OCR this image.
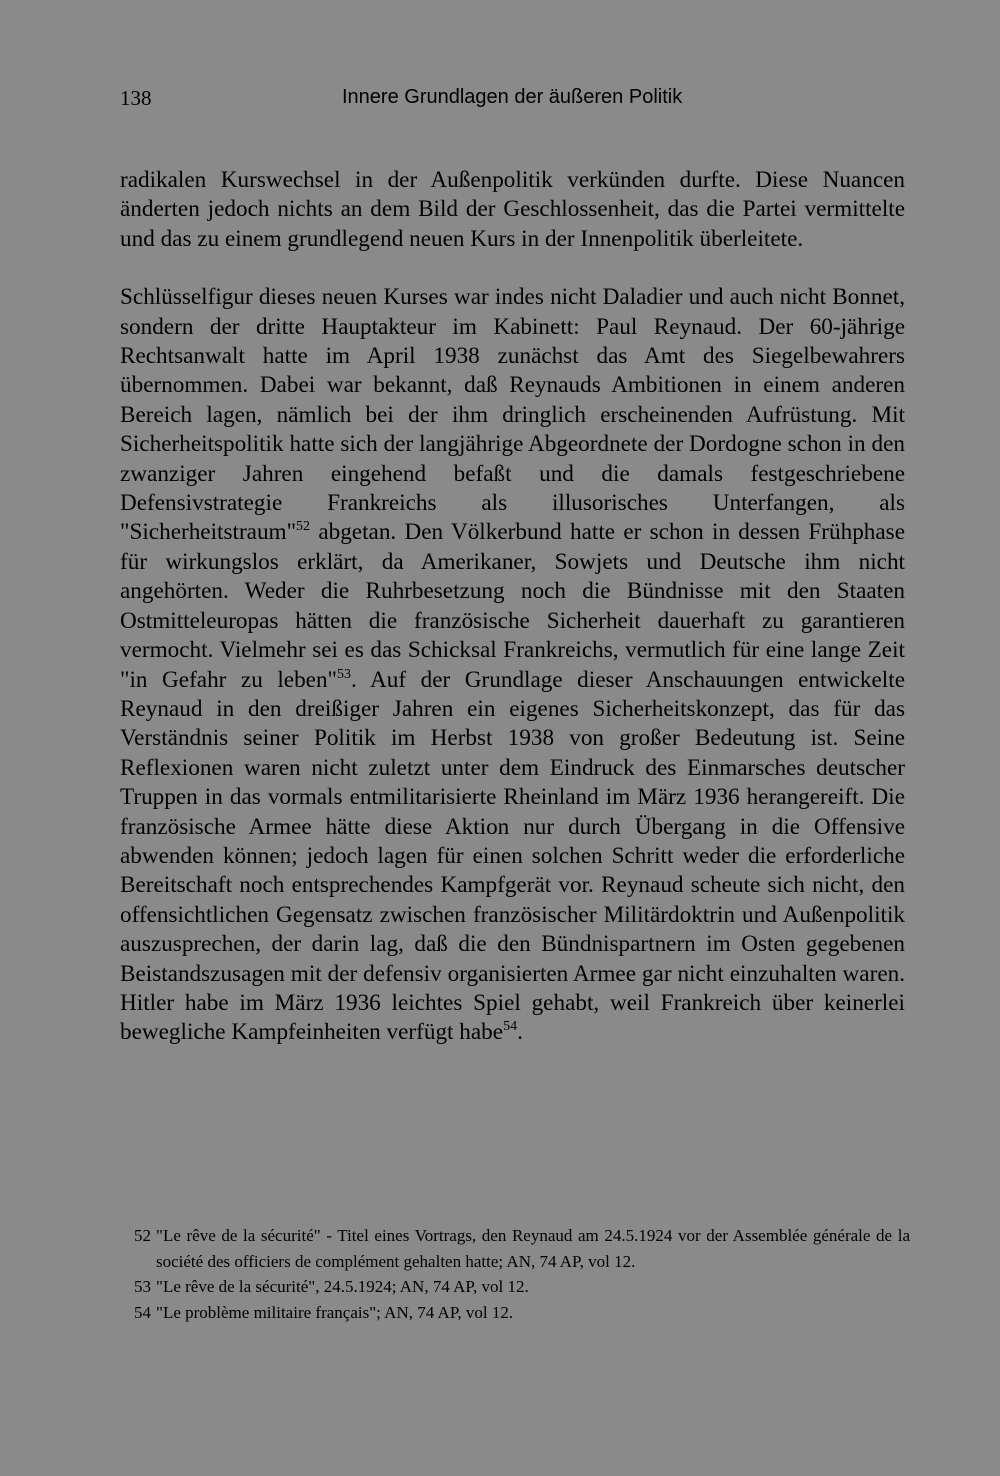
138	Innere Grundlagen der äußeren Politik

radikalen Kurswechsel in der Außenpolitik verkünden durfte. Diese Nuancen änderten jedoch nichts an dem Bild der Geschlossenheit, das die Partei vermittelte und das zu einem grundlegend neuen Kurs in der Innenpolitik überleitete.

Schlüsselfigur dieses neuen Kurses war indes nicht Daladier und auch nicht Bonnet, sondern der dritte Hauptakteur im Kabinett: Paul Reynaud. Der 60-jährige Rechtsanwalt hatte im April 1938 zunächst das Amt des Siegelbewahrers übernommen. Dabei war bekannt, daß Reynauds Ambitionen in einem anderen Bereich lagen, nämlich bei der ihm dringlich erscheinenden Aufrüstung. Mit Sicherheitspolitik hatte sich der langjährige Abgeordnete der Dordogne schon in den zwanziger Jahren eingehend befaßt und die damals festgeschriebene Defensivstrategie Frankreichs als illusorisches Unterfangen, als "Sicherheitstraum"$^{52}$ abgetan. Den Völkerbund hatte er schon in dessen Frühphase für wirkungslos erklärt, da Amerikaner, Sowjets und Deutsche ihm nicht angehörten. Weder die Ruhrbesetzung noch die Bündnisse mit den Staaten Ostmitteleuropas hätten die französische Sicherheit dauerhaft zu garantieren vermocht. Vielmehr sei es das Schicksal Frankreichs, vermutlich für eine lange Zeit "in Gefahr zu leben"$^{53}$. Auf der Grundlage dieser Anschauungen entwickelte Reynaud in den dreißiger Jahren ein eigenes Sicherheitskonzept, das für das Verständnis seiner Politik im Herbst 1938 von großer Bedeutung ist. Seine Reflexionen waren nicht zuletzt unter dem Eindruck des Einmarsches deutscher Truppen in das vormals entmilitarisierte Rheinland im März 1936 herangereift. Die französische Armee hätte diese Aktion nur durch Übergang in die Offensive abwenden können; jedoch lagen für einen solchen Schritt weder die erforderliche Bereitschaft noch entsprechendes Kampfgerät vor. Reynaud scheute sich nicht, den offensichtlichen Gegensatz zwischen französischer Militärdoktrin und Außenpolitik auszusprechen, der darin lag, daß die den Bündnispartnern im Osten gegebenen Beistandszusagen mit der defensiv organisierten Armee gar nicht einzuhalten waren. Hitler habe im März 1936 leichtes Spiel gehabt, weil Frankreich über keinerlei bewegliche Kampfeinheiten verfügt habe$^{54}$.

52 "Le rêve de la sécurité" - Titel eines Vortrags, den Reynaud am 24.5.1924 vor der Assemblée générale de la société des officiers de complément gehalten hatte; AN, 74 AP, vol 12.
53 "Le rêve de la sécurité", 24.5.1924; AN, 74 AP, vol 12.
54 "Le problème militaire français"; AN, 74 AP, vol 12.
